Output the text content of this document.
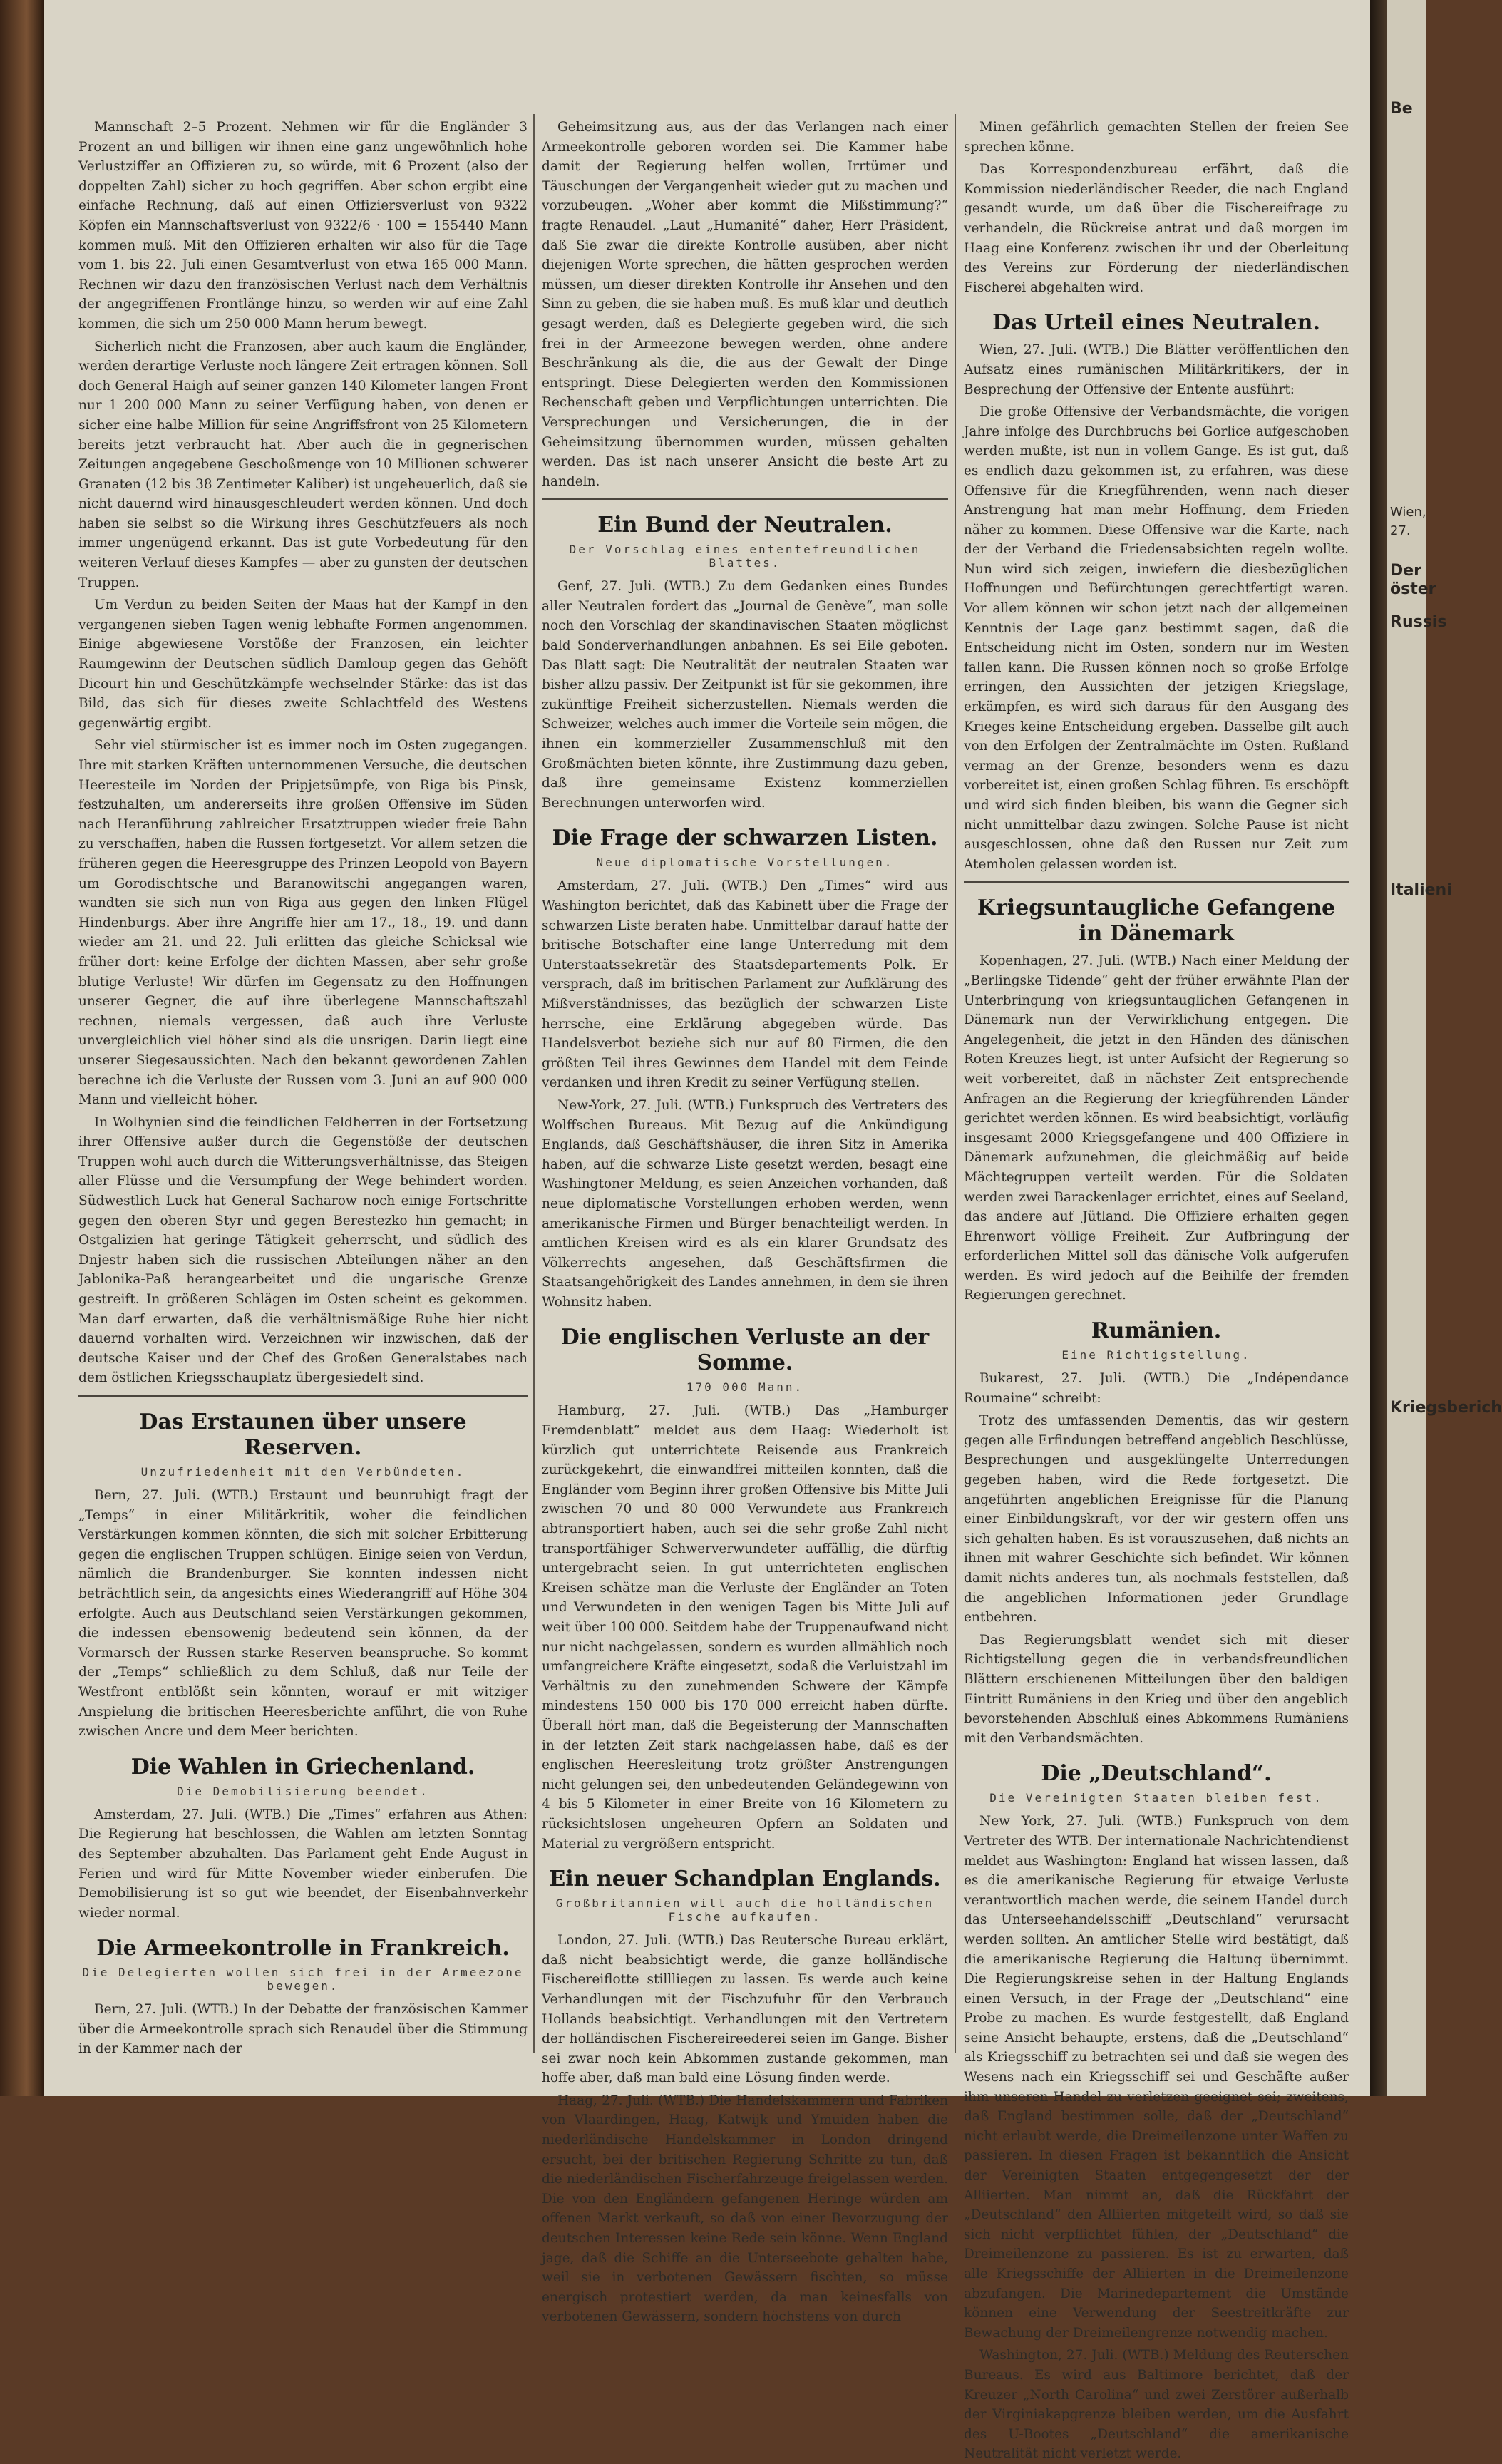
Mannschaft 2–5 Prozent. Nehmen wir für die Engländer 3 Prozent an und billigen wir ihnen eine ganz ungewöhnlich hohe Verlustziffer an Offizieren zu, so würde, mit 6 Prozent (also der doppelten Zahl) sicher zu hoch gegriffen. Aber schon ergibt eine einfache Rechnung, daß auf einen Offiziersverlust von 9322 Köpfen ein Mannschaftsverlust von 9322/6 · 100 = 155440 Mann kommen muß. Mit den Offizieren erhalten wir also für die Tage vom 1. bis 22. Juli einen Gesamtverlust von etwa 165 000 Mann. Rechnen wir dazu den französischen Verlust nach dem Verhältnis der angegriffenen Frontlänge hinzu, so werden wir auf eine Zahl kommen, die sich um 250 000 Mann herum bewegt.

Sicherlich nicht die Franzosen, aber auch kaum die Engländer, werden derartige Verluste noch längere Zeit ertragen können. Soll doch General Haigh auf seiner ganzen 140 Kilometer langen Front nur 1 200 000 Mann zu seiner Verfügung haben, von denen er sicher eine halbe Million für seine Angriffsfront von 25 Kilometern bereits jetzt verbraucht hat. Aber auch die in gegnerischen Zeitungen angegebene Geschoßmenge von 10 Millionen schwerer Granaten (12 bis 38 Zentimeter Kaliber) ist ungeheuerlich, daß sie nicht dauernd wird hinausgeschleudert werden können. Und doch haben sie selbst so die Wirkung ihres Geschützfeuers als noch immer ungenügend erkannt. Das ist gute Vorbedeutung für den weiteren Verlauf dieses Kampfes — aber zu gunsten der deutschen Truppen.

Um Verdun zu beiden Seiten der Maas hat der Kampf in den vergangenen sieben Tagen wenig lebhafte Formen angenommen. Einige abgewiesene Vorstöße der Franzosen, ein leichter Raumgewinn der Deutschen südlich Damloup gegen das Gehöft Dicourt hin und Geschützkämpfe wechselnder Stärke: das ist das Bild, das sich für dieses zweite Schlachtfeld des Westens gegenwärtig ergibt.

Sehr viel stürmischer ist es immer noch im Osten zugegangen. Ihre mit starken Kräften unternommenen Versuche, die deutschen Heeresteile im Norden der Pripjetsümpfe, von Riga bis Pinsk, festzuhalten, um andererseits ihre großen Offensive im Süden nach Heranführung zahlreicher Ersatztruppen wieder freie Bahn zu verschaffen, haben die Russen fortgesetzt. Vor allem setzen die früheren gegen die Heeresgruppe des Prinzen Leopold von Bayern um Gorodischtsche und Baranowitschi angegangen waren, wandten sie sich nun von Riga aus gegen den linken Flügel Hindenburgs. Aber ihre Angriffe hier am 17., 18., 19. und dann wieder am 21. und 22. Juli erlitten das gleiche Schicksal wie früher dort: keine Erfolge der dichten Massen, aber sehr große blutige Verluste! Wir dürfen im Gegensatz zu den Hoffnungen unserer Gegner, die auf ihre überlegene Mannschaftszahl rechnen, niemals vergessen, daß auch ihre Verluste unvergleichlich viel höher sind als die unsrigen. Darin liegt eine unserer Siegesaussichten. Nach den bekannt gewordenen Zahlen berechne ich die Verluste der Russen vom 3. Juni an auf 900 000 Mann und vielleicht höher.

In Wolhynien sind die feindlichen Feldherren in der Fortsetzung ihrer Offensive außer durch die Gegenstöße der deutschen Truppen wohl auch durch die Witterungsverhältnisse, das Steigen aller Flüsse und die Versumpfung der Wege behindert worden. Südwestlich Luck hat General Sacharow noch einige Fortschritte gegen den oberen Styr und gegen Berestezko hin gemacht; in Ostgalizien hat geringe Tätigkeit geherrscht, und südlich des Dnjestr haben sich die russischen Abteilungen näher an den Jablonika-Paß herangearbeitet und die ungarische Grenze gestreift. In größeren Schlägen im Osten scheint es gekommen. Man darf erwarten, daß die verhältnismäßige Ruhe hier nicht dauernd vorhalten wird. Verzeichnen wir inzwischen, daß der deutsche Kaiser und der Chef des Großen Generalstabes nach dem östlichen Kriegsschauplatz übergesiedelt sind.

Das Erstaunen über unsere Reserven.
Unzufriedenheit mit den Verbündeten.

Bern, 27. Juli. (WTB.) Erstaunt und beunruhigt fragt der „Temps“ in einer Militärkritik, woher die feindlichen Verstärkungen kommen könnten, die sich mit solcher Erbitterung gegen die englischen Truppen schlügen. Einige seien von Verdun, nämlich die Brandenburger. Sie konnten indessen nicht beträchtlich sein, da angesichts eines Wiederangriff auf Höhe 304 erfolgte. Auch aus Deutschland seien Verstärkungen gekommen, die indessen ebensowenig bedeutend sein können, da der Vormarsch der Russen starke Reserven beanspruche. So kommt der „Temps“ schließlich zu dem Schluß, daß nur Teile der Westfront entblößt sein könnten, worauf er mit witziger Anspielung die britischen Heeresberichte anführt, die von Ruhe zwischen Ancre und dem Meer berichten.

Die Wahlen in Griechenland.
Die Demobilisierung beendet.

Amsterdam, 27. Juli. (WTB.) Die „Times“ erfahren aus Athen: Die Regierung hat beschlossen, die Wahlen am letzten Sonntag des September abzuhalten. Das Parlament geht Ende August in Ferien und wird für Mitte November wieder einberufen. Die Demobilisierung ist so gut wie beendet, der Eisenbahnverkehr wieder normal.

Die Armeekontrolle in Frankreich.
Die Delegierten wollen sich frei in der Armeezone bewegen.

Bern, 27. Juli. (WTB.) In der Debatte der französischen Kammer über die Armeekontrolle sprach sich Renaudel über die Stimmung in der Kammer nach der

Geheimsitzung aus, aus der das Verlangen nach einer Armeekontrolle geboren worden sei. Die Kammer habe damit der Regierung helfen wollen, Irrtümer und Täuschungen der Vergangenheit wieder gut zu machen und vorzubeugen. „Woher aber kommt die Mißstimmung?“ fragte Renaudel. „Laut „Humanité“ daher, Herr Präsident, daß Sie zwar die direkte Kontrolle ausüben, aber nicht diejenigen Worte sprechen, die hätten gesprochen werden müssen, um dieser direkten Kontrolle ihr Ansehen und den Sinn zu geben, die sie haben muß. Es muß klar und deutlich gesagt werden, daß es Delegierte gegeben wird, die sich frei in der Armeezone bewegen werden, ohne andere Beschränkung als die, die aus der Gewalt der Dinge entspringt. Diese Delegierten werden den Kommissionen Rechenschaft geben und Verpflichtungen unterrichten. Die Versprechungen und Versicherungen, die in der Geheimsitzung übernommen wurden, müssen gehalten werden. Das ist nach unserer Ansicht die beste Art zu handeln.

Ein Bund der Neutralen.
Der Vorschlag eines ententefreundlichen Blattes.

Genf, 27. Juli. (WTB.) Zu dem Gedanken eines Bundes aller Neutralen fordert das „Journal de Genève“, man solle noch den Vorschlag der skandinavischen Staaten möglichst bald Sonderverhandlungen anbahnen. Es sei Eile geboten. Das Blatt sagt: Die Neutralität der neutralen Staaten war bisher allzu passiv. Der Zeitpunkt ist für sie gekommen, ihre zukünftige Freiheit sicherzustellen. Niemals werden die Schweizer, welches auch immer die Vorteile sein mögen, die ihnen ein kommerzieller Zusammenschluß mit den Großmächten bieten könnte, ihre Zustimmung dazu geben, daß ihre gemeinsame Existenz kommerziellen Berechnungen unterworfen wird.

Die Frage der schwarzen Listen.
Neue diplomatische Vorstellungen.

Amsterdam, 27. Juli. (WTB.) Den „Times“ wird aus Washington berichtet, daß das Kabinett über die Frage der schwarzen Liste beraten habe. Unmittelbar darauf hatte der britische Botschafter eine lange Unterredung mit dem Unterstaatssekretär des Staatsdepartements Polk. Er versprach, daß im britischen Parlament zur Aufklärung des Mißverständnisses, das bezüglich der schwarzen Liste herrsche, eine Erklärung abgegeben würde. Das Handelsverbot beziehe sich nur auf 80 Firmen, die den größten Teil ihres Gewinnes dem Handel mit dem Feinde verdanken und ihren Kredit zu seiner Verfügung stellen.

New-York, 27. Juli. (WTB.) Funkspruch des Vertreters des Wolffschen Bureaus. Mit Bezug auf die Ankündigung Englands, daß Geschäftshäuser, die ihren Sitz in Amerika haben, auf die schwarze Liste gesetzt werden, besagt eine Washingtoner Meldung, es seien Anzeichen vorhanden, daß neue diplomatische Vorstellungen erhoben werden, wenn amerikanische Firmen und Bürger benachteiligt werden. In amtlichen Kreisen wird es als ein klarer Grundsatz des Völkerrechts angesehen, daß Geschäftsfirmen die Staatsangehörigkeit des Landes annehmen, in dem sie ihren Wohnsitz haben.

Die englischen Verluste an der Somme.
170 000 Mann.

Hamburg, 27. Juli. (WTB.) Das „Hamburger Fremdenblatt“ meldet aus dem Haag: Wiederholt ist kürzlich gut unterrichtete Reisende aus Frankreich zurückgekehrt, die einwandfrei mitteilen konnten, daß die Engländer vom Beginn ihrer großen Offensive bis Mitte Juli zwischen 70 und 80 000 Verwundete aus Frankreich abtransportiert haben, auch sei die sehr große Zahl nicht transportfähiger Schwerverwundeter auffällig, die dürftig untergebracht seien. In gut unterrichteten englischen Kreisen schätze man die Verluste der Engländer an Toten und Verwundeten in den wenigen Tagen bis Mitte Juli auf weit über 100 000. Seitdem habe der Truppenaufwand nicht nur nicht nachgelassen, sondern es wurden allmählich noch umfangreichere Kräfte eingesetzt, sodaß die Verluistzahl im Verhältnis zu den zunehmenden Schwere der Kämpfe mindestens 150 000 bis 170 000 erreicht haben dürfte. Überall hört man, daß die Begeisterung der Mannschaften in der letzten Zeit stark nachgelassen habe, daß es der englischen Heeresleitung trotz größter Anstrengungen nicht gelungen sei, den unbedeutenden Geländegewinn von 4 bis 5 Kilometer in einer Breite von 16 Kilometern zu rücksichtslosen ungeheuren Opfern an Soldaten und Material zu vergrößern entspricht.

Ein neuer Schandplan Englands.
Großbritannien will auch die holländischen Fische aufkaufen.

London, 27. Juli. (WTB.) Das Reutersche Bureau erklärt, daß nicht beabsichtigt werde, die ganze holländische Fischereiflotte stillliegen zu lassen. Es werde auch keine Verhandlungen mit der Fischzufuhr für den Verbrauch Hollands beabsichtigt. Verhandlungen mit den Vertretern der holländischen Fischereireederei seien im Gange. Bisher sei zwar noch kein Abkommen zustande gekommen, man hoffe aber, daß man bald eine Lösung finden werde.

Haag, 27. Juli. (WTB.) Die Handelskammern und Fabriken von Vlaardingen, Haag, Katwijk und Ymuiden haben die niederländische Handelskammer in London dringend ersucht, bei der britischen Regierung Schritte zu tun, daß die niederländischen Fischerfahrzeuge freigelassen werden. Die von den Engländern gefangenen Heringe würden am offenen Markt verkauft, so daß von einer Bevorzugung der deutschen Interessen keine Rede sein könne. Wenn England jage, daß die Schiffe an die Unterseebote gehalten habe, weil sie in verbotenen Gewässern fischten, so müsse energisch protestiert werden, da man keinesfalls von verbotenen Gewässern, sondern höchstens von durch

Minen gefährlich gemachten Stellen der freien See sprechen könne.

Das Korrespondenzbureau erfährt, daß die Kommission niederländischer Reeder, die nach England gesandt wurde, um daß über die Fischereifrage zu verhandeln, die Rückreise antrat und daß morgen im Haag eine Konferenz zwischen ihr und der Oberleitung des Vereins zur Förderung der niederländischen Fischerei abgehalten wird.

Das Urteil eines Neutralen.

Wien, 27. Juli. (WTB.) Die Blätter veröffentlichen den Aufsatz eines rumänischen Militärkritikers, der in Besprechung der Offensive der Entente ausführt:

Die große Offensive der Verbandsmächte, die vorigen Jahre infolge des Durchbruchs bei Gorlice aufgeschoben werden mußte, ist nun in vollem Gange. Es ist gut, daß es endlich dazu gekommen ist, zu erfahren, was diese Offensive für die Kriegführenden, wenn nach dieser Anstrengung hat man mehr Hoffnung, dem Frieden näher zu kommen. Diese Offensive war die Karte, nach der der Verband die Friedensabsichten regeln wollte. Nun wird sich zeigen, inwiefern die diesbezüglichen Hoffnungen und Befürchtungen gerechtfertigt waren. Vor allem können wir schon jetzt nach der allgemeinen Kenntnis der Lage ganz bestimmt sagen, daß die Entscheidung nicht im Osten, sondern nur im Westen fallen kann. Die Russen können noch so große Erfolge erringen, den Aussichten der jetzigen Kriegslage, erkämpfen, es wird sich daraus für den Ausgang des Krieges keine Entscheidung ergeben. Dasselbe gilt auch von den Erfolgen der Zentralmächte im Osten. Rußland vermag an der Grenze, besonders wenn es dazu vorbereitet ist, einen großen Schlag führen. Es erschöpft und wird sich finden bleiben, bis wann die Gegner sich nicht unmittelbar dazu zwingen. Solche Pause ist nicht ausgeschlossen, ohne daß den Russen nur Zeit zum Atemholen gelassen worden ist.

Kriegsuntaugliche Gefangene in Dänemark

Kopenhagen, 27. Juli. (WTB.) Nach einer Meldung der „Berlingske Tidende“ geht der früher erwähnte Plan der Unterbringung von kriegsuntauglichen Gefangenen in Dänemark nun der Verwirklichung entgegen. Die Angelegenheit, die jetzt in den Händen des dänischen Roten Kreuzes liegt, ist unter Aufsicht der Regierung so weit vorbereitet, daß in nächster Zeit entsprechende Anfragen an die Regierung der kriegführenden Länder gerichtet werden können. Es wird beabsichtigt, vorläufig insgesamt 2000 Kriegsgefangene und 400 Offiziere in Dänemark aufzunehmen, die gleichmäßig auf beide Mächtegruppen verteilt werden. Für die Soldaten werden zwei Barackenlager errichtet, eines auf Seeland, das andere auf Jütland. Die Offiziere erhalten gegen Ehrenwort völlige Freiheit. Zur Aufbringung der erforderlichen Mittel soll das dänische Volk aufgerufen werden. Es wird jedoch auf die Beihilfe der fremden Regierungen gerechnet.

Rumänien.
Eine Richtigstellung.

Bukarest, 27. Juli. (WTB.) Die „Indépendance Roumaine“ schreibt:

Trotz des umfassenden Dementis, das wir gestern gegen alle Erfindungen betreffend angeblich Beschlüsse, Besprechungen und ausgeklüngelte Unterredungen gegeben haben, wird die Rede fortgesetzt. Die angeführten angeblichen Ereignisse für die Planung einer Einbildungskraft, vor der wir gestern offen uns sich gehalten haben. Es ist vorauszusehen, daß nichts an ihnen mit wahrer Geschichte sich befindet. Wir können damit nichts anderes tun, als nochmals feststellen, daß die angeblichen Informationen jeder Grundlage entbehren.

Das Regierungsblatt wendet sich mit dieser Richtigstellung gegen die in verbandsfreundlichen Blättern erschienenen Mitteilungen über den baldigen Eintritt Rumäniens in den Krieg und über den angeblich bevorstehenden Abschluß eines Abkommens Rumäniens mit den Verbandsmächten.

Die „Deutschland“.
Die Vereinigten Staaten bleiben fest.

New York, 27. Juli. (WTB.) Funkspruch von dem Vertreter des WTB. Der internationale Nachrichtendienst meldet aus Washington: England hat wissen lassen, daß es die amerikanische Regierung für etwaige Verluste verantwortlich machen werde, die seinem Handel durch das Unterseehandelsschiff „Deutschland“ verursacht werden sollten. An amtlicher Stelle wird bestätigt, daß die amerikanische Regierung die Haltung übernimmt. Die Regierungskreise sehen in der Haltung Englands einen Versuch, in der Frage der „Deutschland“ eine Probe zu machen. Es wurde festgestellt, daß England seine Ansicht behaupte, erstens, daß die „Deutschland“ als Kriegsschiff zu betrachten sei und daß sie wegen des Wesens nach ein Kriegsschiff sei und Geschäfte außer ihm unseren Handel zu verletzen geeignet sei; zweitens, daß England bestimmen solle, daß der „Deutschland“ nicht erlaubt werde, die Dreimeilenzone unter Waffen zu passieren. In diesen Fragen ist bekanntlich die Ansicht der Vereinigten Staaten entgegengesetzt der der Alliierten. Man nimmt an, daß die Rückfahrt der „Deutschland“ den Alliierten mitgeteilt wird, so daß sie sich nicht verpflichtet fühlen, der „Deutschland“ die Dreimeilenzone zu passieren. Es ist zu erwarten, daß alle Kriegsschiffe der Alliierten in die Dreimeilenzone abzufangen. Die Marinedepartement die Umstände können eine Verwendung der Seestreitkräfte zur Bewachung der Dreimeilengrenze notwendig machen.

Washington, 27. Juli. (WTB.) Meldung des Reuterschen Bureaus. Es wird aus Baltimore berichtet, daß der Kreuzer „North Carolina“ und zwei Zerstörer außerhalb der Virginiakapgrenze bleiben werden, um die Ausfahrt des U-Bootes „Deutschland“ die amerikanische Neutralität nicht verletzt werde.

Be
Wien, 27.
Der öster
Russis
Italieni
Kriegsberich
